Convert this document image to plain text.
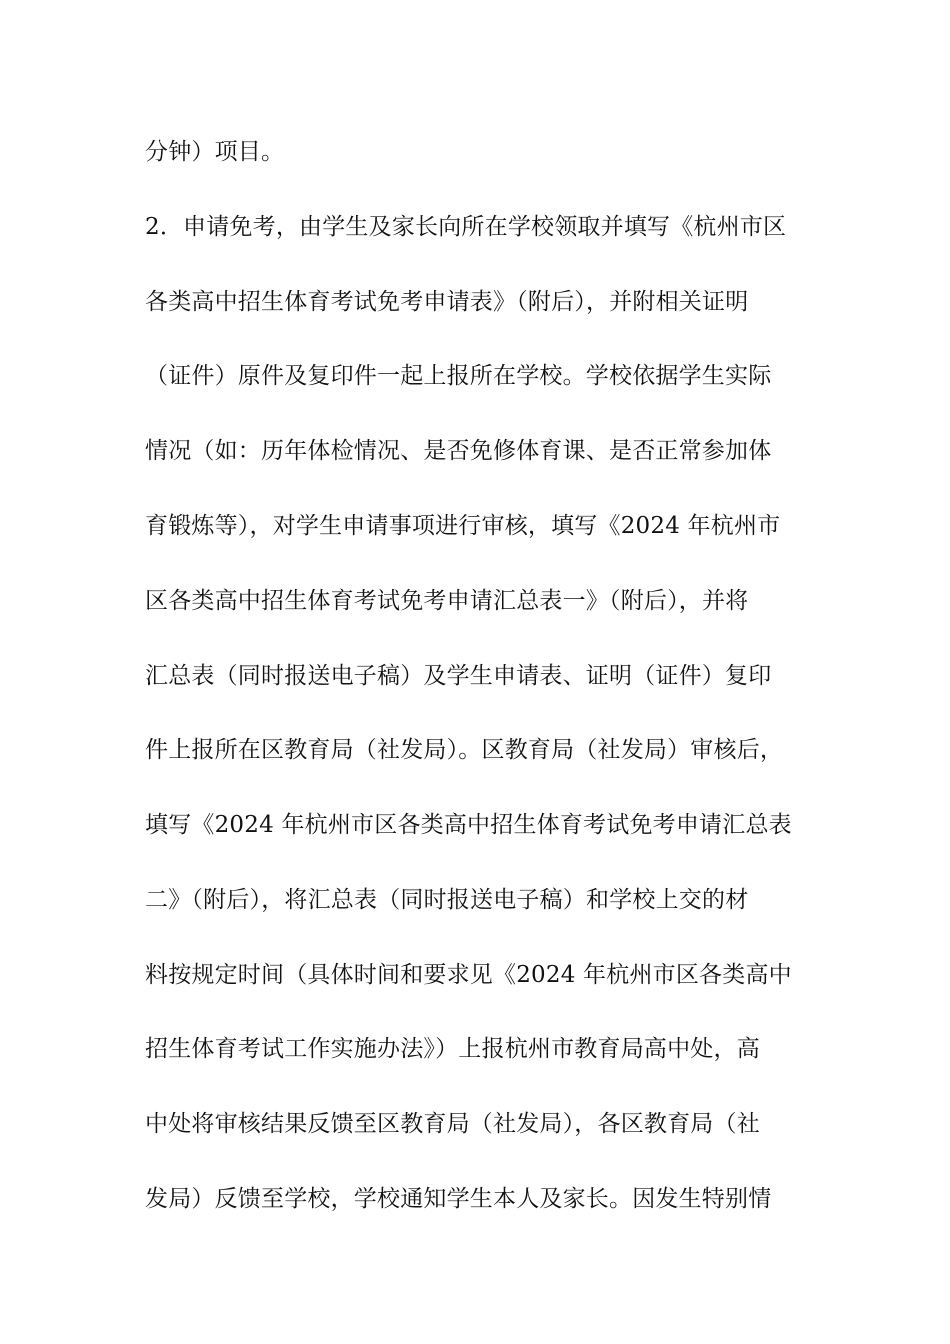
分钟）项目。
2．申请免考，由学生及家长向所在学校领取并填写《杭州市区
各类高中招生体育考试免考申请表》（附后），并附相关证明
（证件）原件及复印件一起上报所在学校。学校依据学生实际
情况（如：历年体检情况、是否免修体育课、是否正常参加体
育锻炼等），对学生申请事项进行审核，填写《2024 年杭州市
区各类高中招生体育考试免考申请汇总表一》（附后），并将
汇总表（同时报送电子稿）及学生申请表、证明（证件）复印
件上报所在区教育局（社发局）。区教育局（社发局）审核后，
填写《2024 年杭州市区各类高中招生体育考试免考申请汇总表
二》（附后），将汇总表（同时报送电子稿）和学校上交的材
料按规定时间（具体时间和要求见《2024 年杭州市区各类高中
招生体育考试工作实施办法》）上报杭州市教育局高中处，高
中处将审核结果反馈至区教育局（社发局），各区教育局（社
发局）反馈至学校，学校通知学生本人及家长。因发生特别情
